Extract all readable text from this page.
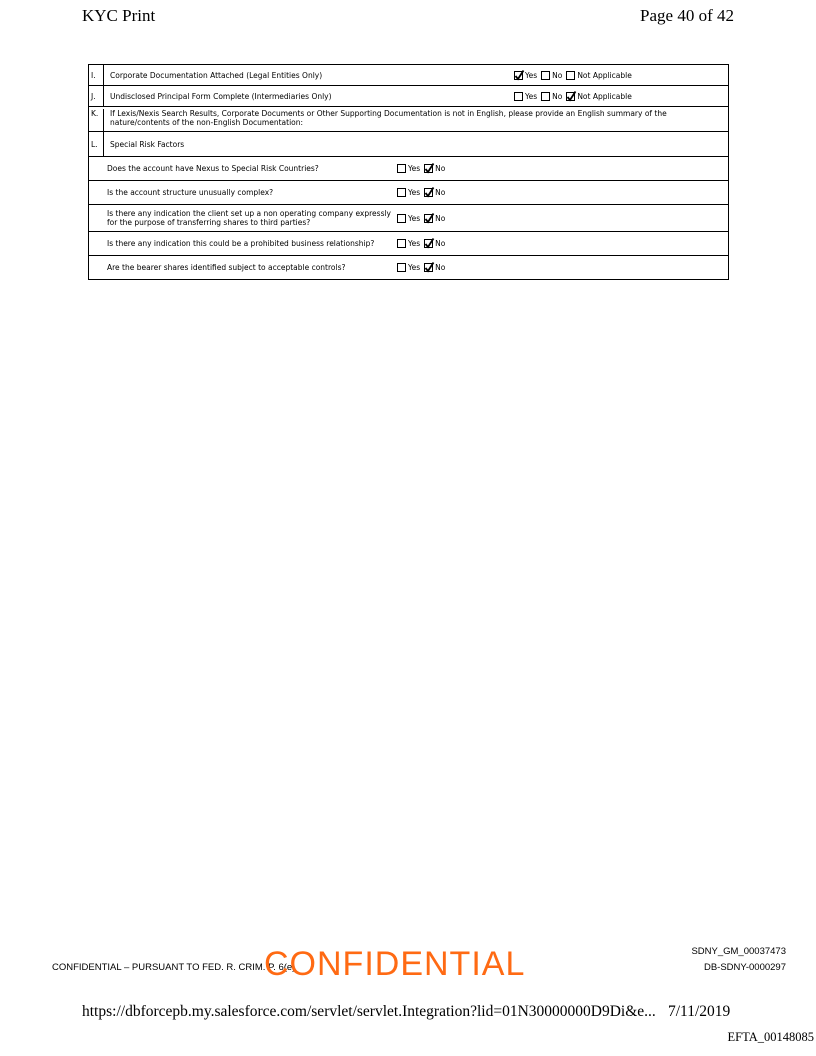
KYC Print	Page 40 of 42
I.	Corporate Documentation Attached (Legal Entities Only)	Yes No Not Applicable
J.	Undisclosed Principal Form Complete (Intermediaries Only)	Yes No Not Applicable
K.	If Lexis/Nexis Search Results, Corporate Documents or Other Supporting Documentation is not in English, please provide an English summary of the nature/contents of the non-English Documentation:
L.	Special Risk Factors
Does the account have Nexus to Special Risk Countries?	Yes No
Is the account structure unusually complex?	Yes No
Is there any indication the client set up a non operating company expressly for the purpose of transferring shares to third parties?	Yes No
Is there any indication this could be a prohibited business relationship?	Yes No
Are the bearer shares identified subject to acceptable controls?	Yes No
CONFIDENTIAL – PURSUANT TO FED. R. CRIM. P. 6(e)
CONFIDENTIAL	SDNY_GM_00037473
DB-SDNY-0000297
https://dbforcepb.my.salesforce.com/servlet/servlet.Integration?lid=01N30000000D9Di&e... 7/11/2019
EFTA_00148085
